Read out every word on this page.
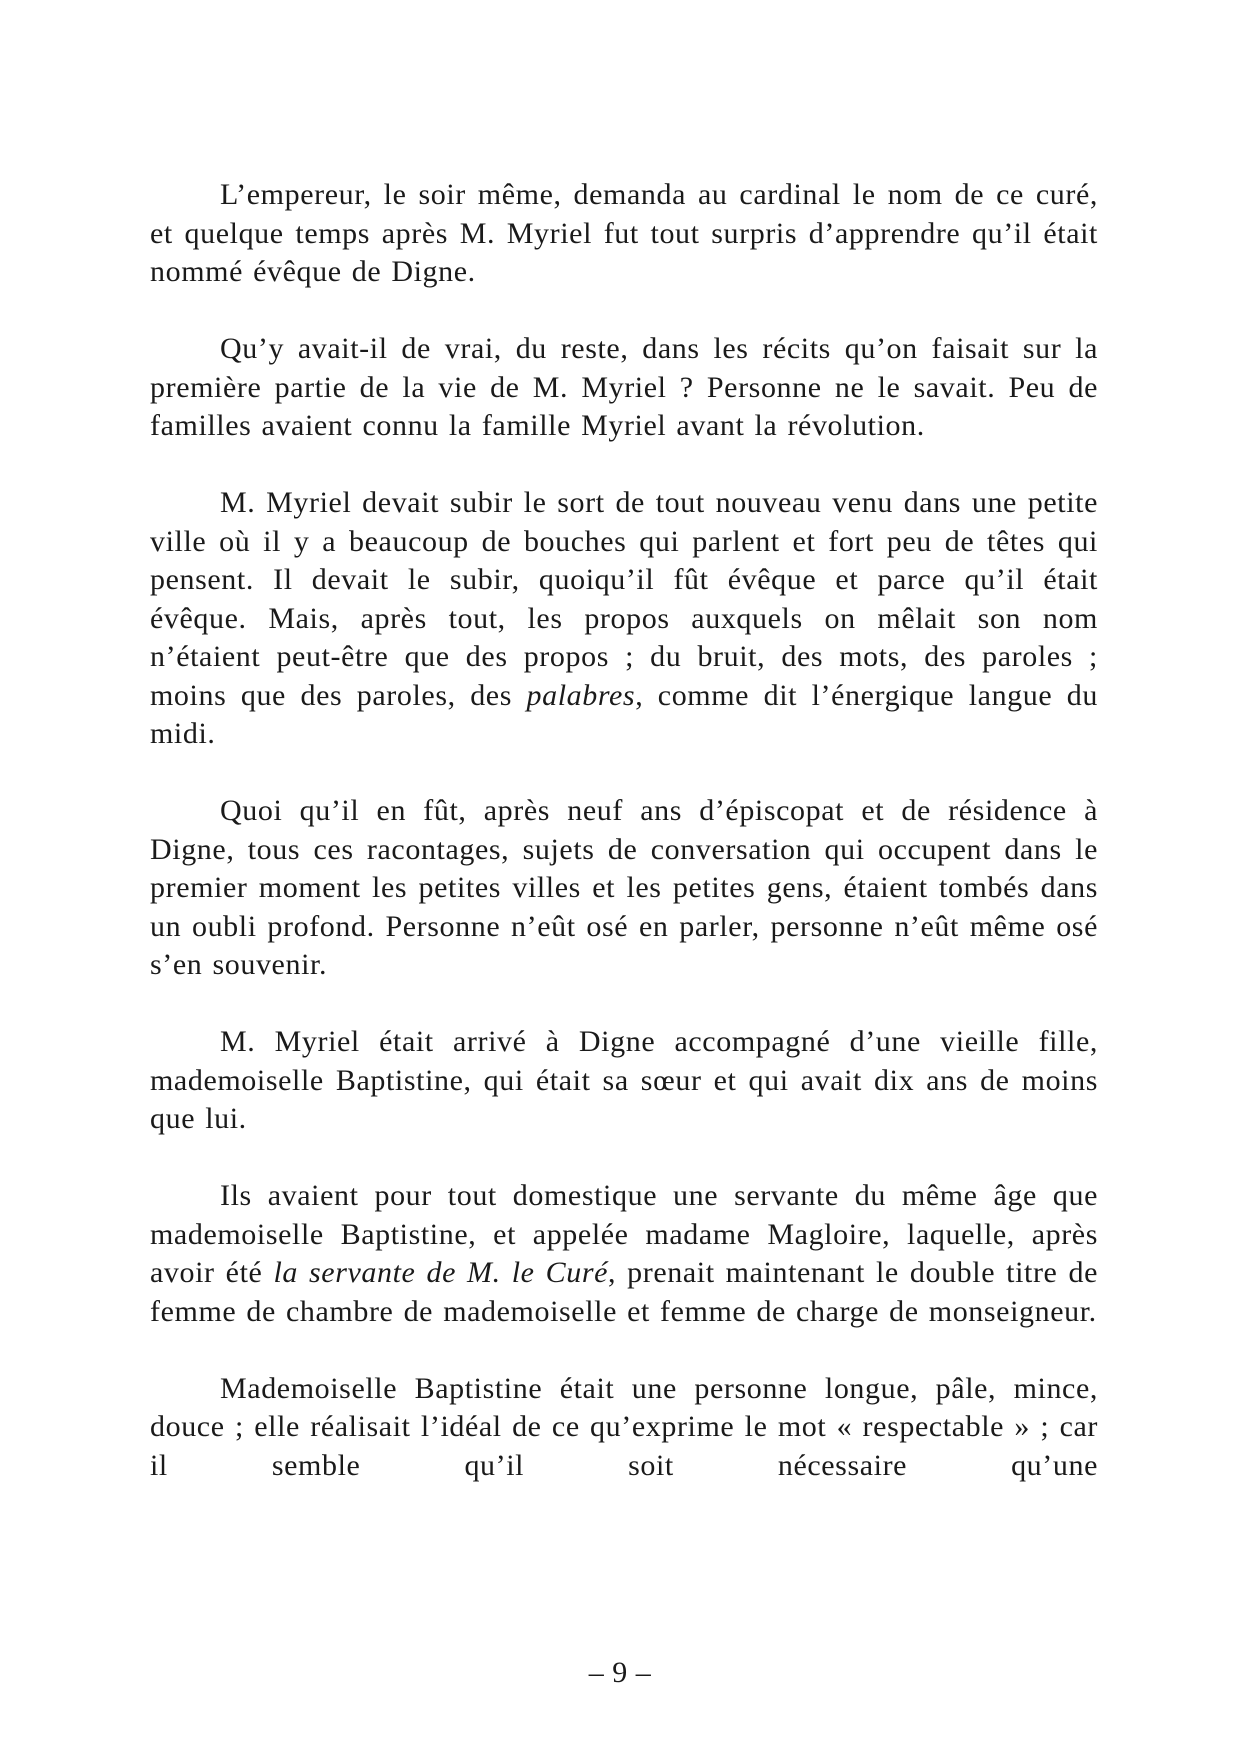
L’empereur, le soir même, demanda au cardinal le nom de ce curé, et quelque temps après M. Myriel fut tout surpris d’apprendre qu’il était nommé évêque de Digne.

Qu’y avait-il de vrai, du reste, dans les récits qu’on faisait sur la première partie de la vie de M. Myriel ? Personne ne le savait. Peu de familles avaient connu la famille Myriel avant la révolution.

M. Myriel devait subir le sort de tout nouveau venu dans une petite ville où il y a beaucoup de bouches qui parlent et fort peu de têtes qui pensent. Il devait le subir, quoiqu’il fût évêque et parce qu’il était évêque. Mais, après tout, les propos auxquels on mêlait son nom n’étaient peut-être que des propos ; du bruit, des mots, des paroles ; moins que des paroles, des palabres, comme dit l’énergique langue du midi.

Quoi qu’il en fût, après neuf ans d’épiscopat et de résidence à Digne, tous ces racontages, sujets de conversation qui occupent dans le premier moment les petites villes et les petites gens, étaient tombés dans un oubli profond. Personne n’eût osé en parler, personne n’eût même osé s’en souvenir.

M. Myriel était arrivé à Digne accompagné d’une vieille fille, mademoiselle Baptistine, qui était sa sœur et qui avait dix ans de moins que lui.

Ils avaient pour tout domestique une servante du même âge que mademoiselle Baptistine, et appelée madame Magloire, laquelle, après avoir été la servante de M. le Curé, prenait maintenant le double titre de femme de chambre de mademoiselle et femme de charge de monseigneur.

Mademoiselle Baptistine était une personne longue, pâle, mince, douce ; elle réalisait l’idéal de ce qu’exprime le mot « respectable » ; car il semble qu’il soit nécessaire qu’une

– 9 –
